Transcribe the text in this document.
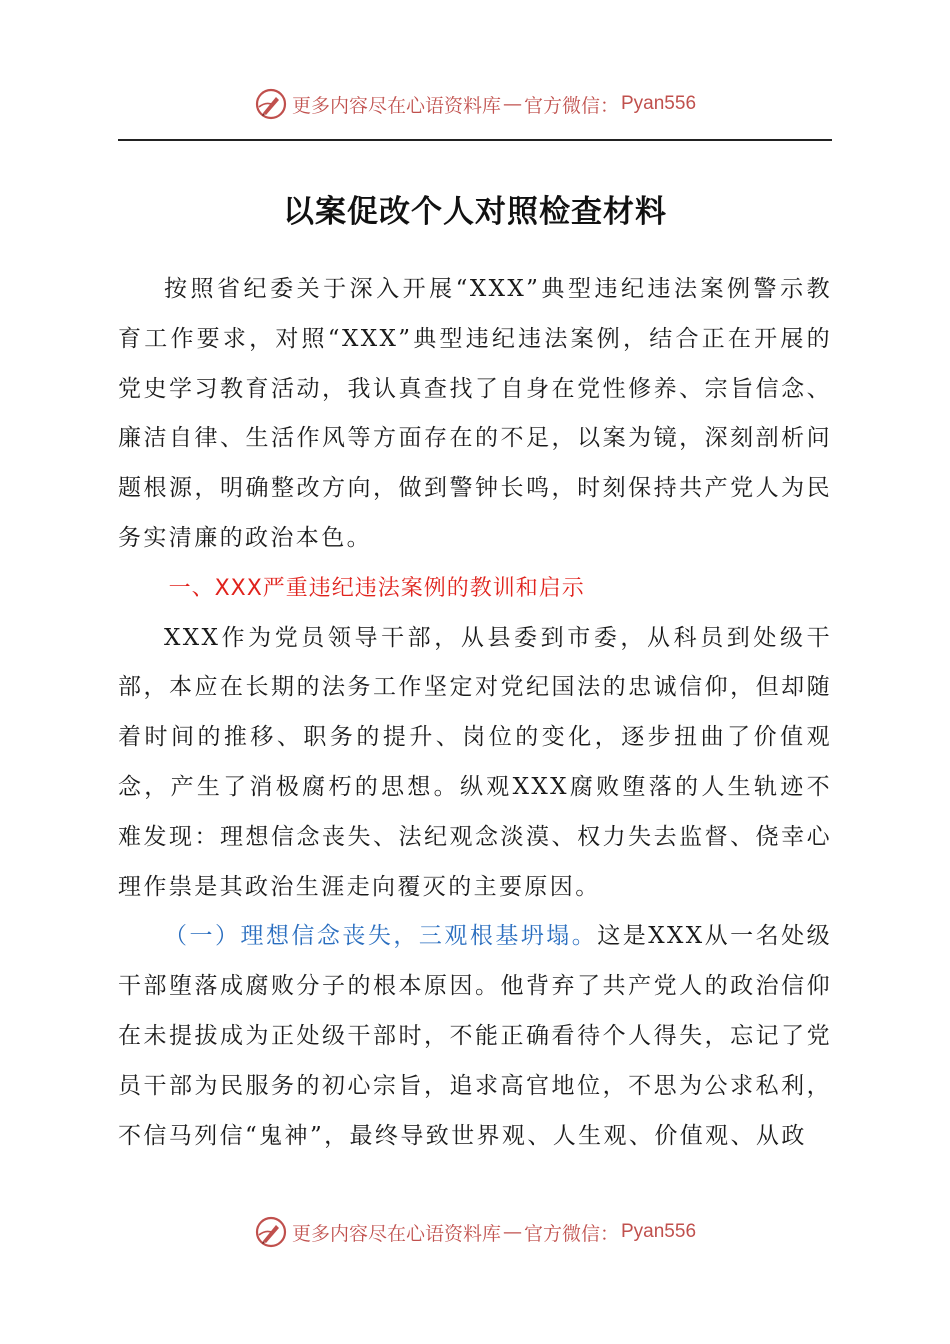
更多内容尽在心语资料库 — 官方微信： Pyan556
以案促改个人对照检查材料

按照省纪委关于深入开展“XXX”典型违纪违法案例警示教育工作要求，对照“XXX”典型违纪违法案例，结合正在开展的党史学习教育活动，我认真查找了自身在党性修养、宗旨信念、廉洁自律、生活作风等方面存在的不足，以案为镜，深刻剖析问题根源，明确整改方向，做到警钟长鸣，时刻保持共产党人为民务实清廉的政治本色。

一、XXX严重违纪违法案例的教训和启示

XXX作为党员领导干部，从县委到市委，从科员到处级干部，本应在长期的法务工作坚定对党纪国法的忠诚信仰，但却随着时间的推移、职务的提升、岗位的变化，逐步扭曲了价值观念，产生了消极腐朽的思想。纵观XXX腐败堕落的人生轨迹不难发现：理想信念丧失、法纪观念淡漠、权力失去监督、侥幸心理作祟是其政治生涯走向覆灭的主要原因。

（一）理想信念丧失，三观根基坍塌。这是XXX从一名处级干部堕落成腐败分子的根本原因。他背弃了共产党人的政治信仰在未提拔成为正处级干部时，不能正确看待个人得失，忘记了党员干部为民服务的初心宗旨，追求高官地位，不思为公求私利，不信马列信“鬼神”，最终导致世界观、人生观、价值观、从政

更多内容尽在心语资料库 — 官方微信： Pyan556
